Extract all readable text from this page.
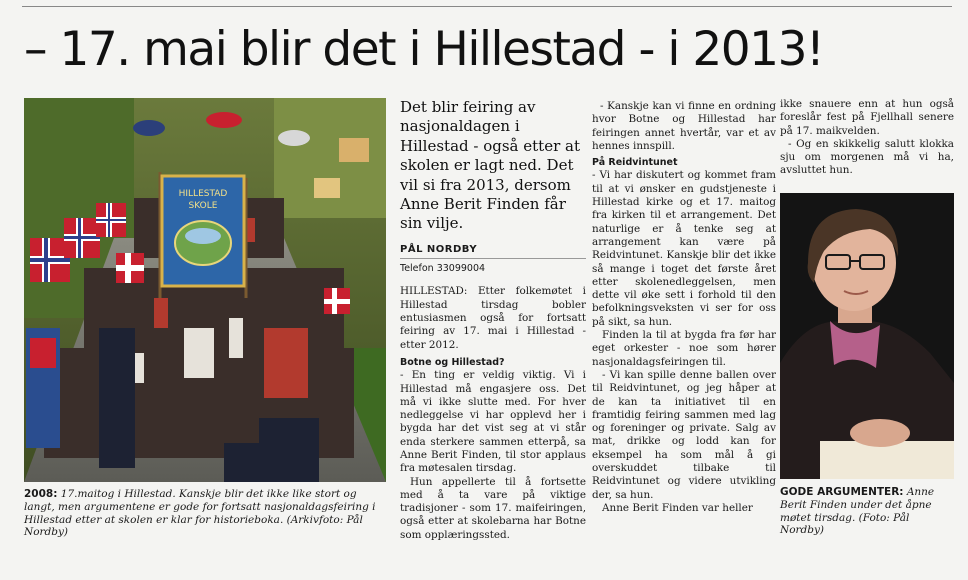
– 17. mai blir det i Hillestad - i 2013!
HILLESTAD
SKOLE
2008: 17.maitog i Hillestad. Kanskje blir det ikke like stort og langt, men argumentene er gode for fortsatt nasjonaldagsfeiring i Hillestad etter at skolen er klar for historieboka. (Arkivfoto: Pål Nordby)
Det blir feiring av nasjonaldagen i Hillestad - også etter at skolen er lagt ned. Det vil si fra 2013, dersom Anne Berit Finden får sin vilje.
PÅL NORDBY
Telefon 33099004

HILLESTAD: Etter folkemøtet i Hillestad tirsdag bobler entusiasmen også for fortsatt feiring av 17. mai i Hillestad - etter 2012.

Botne og Hillestad?

- En ting er veldig viktig. Vi i Hillestad må engasjere oss. Det må vi ikke slutte med. For hver nedleggelse vi har opplevd her i bygda har det vist seg at vi står enda sterkere sammen etterpå, sa Anne Berit Finden, til stor applaus fra møtesalen tirsdag.

Hun appellerte til å fortsette med å ta vare på viktige tradisjoner - som 17. maifeiringen, også etter at skolebarna har Botne som opplæringssted.

- Kanskje kan vi finne en ordning hvor Botne og Hillestad har feiringen annet hvertår, var et av hennes innspill.

På Reidvintunet

- Vi har diskutert og kommet fram til at vi ønsker en gudstjeneste i Hillestad kirke og et 17. maitog fra kirken til et arrangement. Det naturlige er å tenke seg at arrangement kan være på Reidvintunet. Kanskje blir det ikke så mange i toget det første året etter skolenedleggelsen, men dette vil øke sett i forhold til den befolkningsveksten vi ser for oss på sikt, sa hun.

Finden la til at bygda fra før har eget orkester - noe som hører nasjonaldagsfeiringen til.

- Vi kan spille denne ballen over til Reidvintunet, og jeg håper at de kan ta initiativet til en framtidig feiring sammen med lag og foreninger og private. Salg av mat, drikke og lodd kan for eksempel ha som mål å gi overskuddet tilbake til Reidvintunet og videre utvikling der, sa hun.

Anne Berit Finden var heller

ikke snauere enn at hun også foreslår fest på Fjellhall senere på 17. maikvelden.

- Og en skikkelig salutt klokka sju om morgenen må vi ha, avsluttet hun.

GODE ARGUMENTER: Anne Berit Finden under det åpne møtet tirsdag. (Foto: Pål Nordby)
